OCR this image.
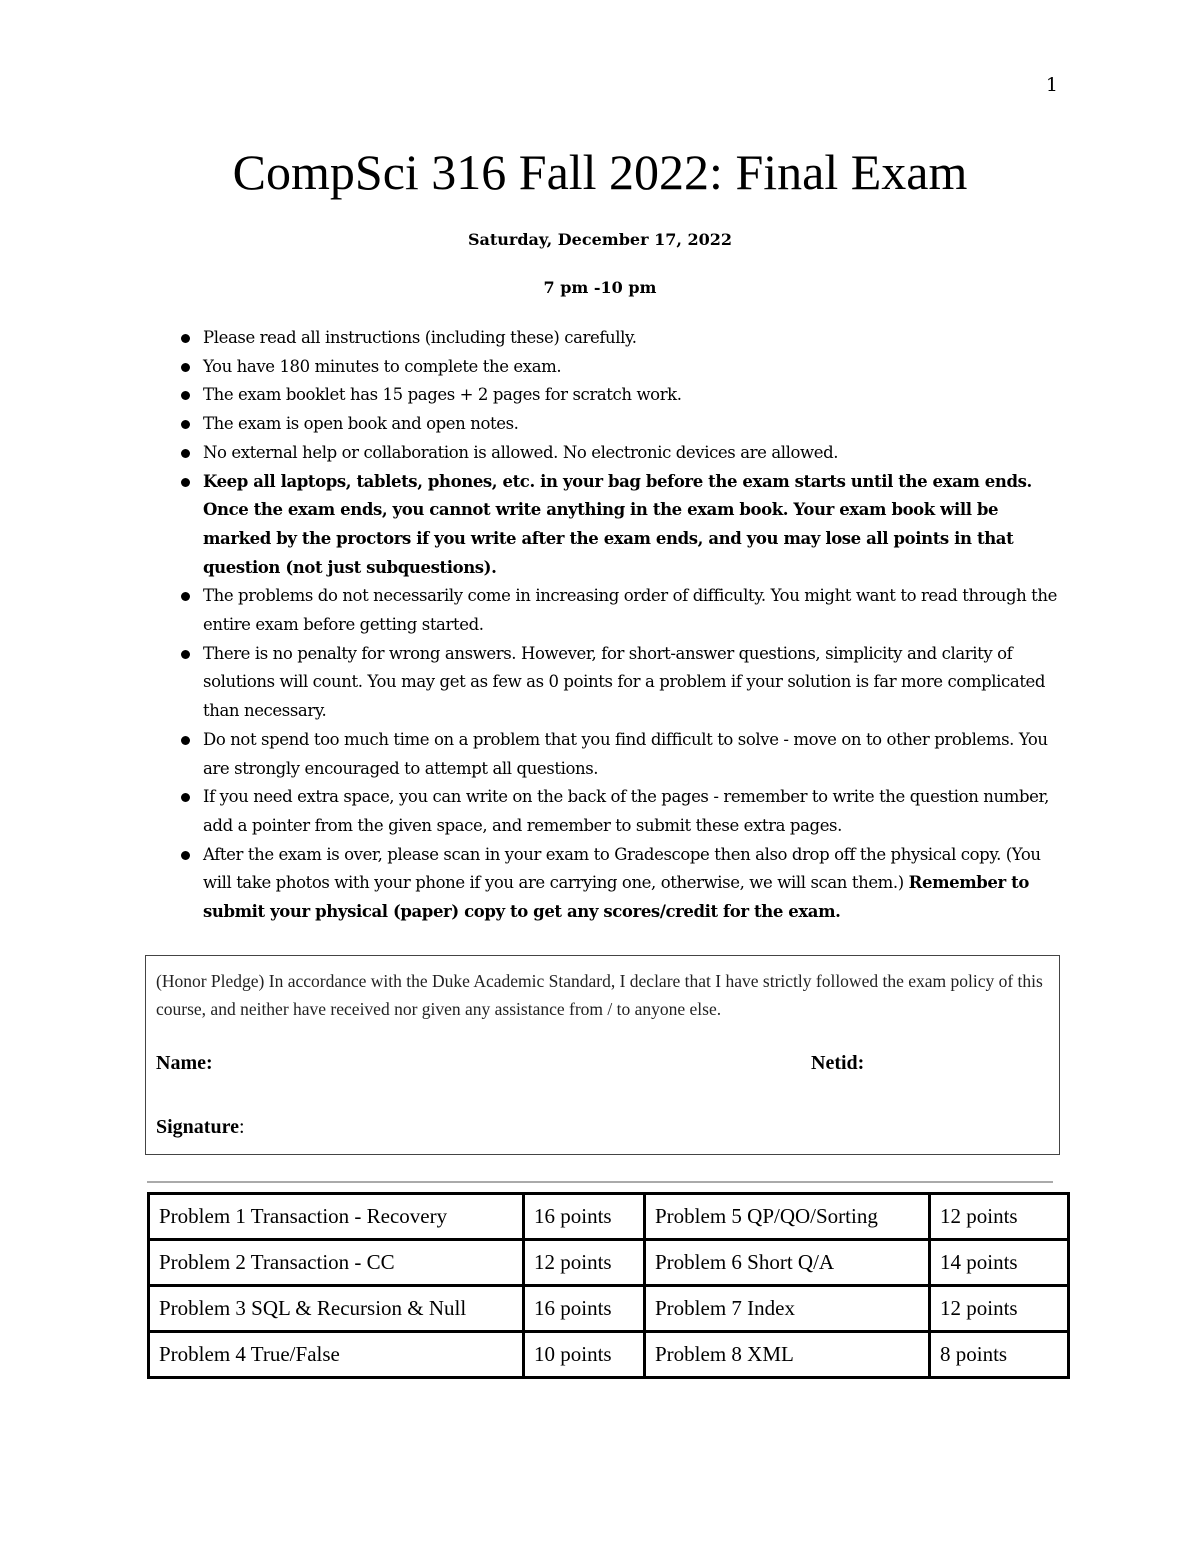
1
CompSci 316 Fall 2022: Final Exam
Saturday, December 17, 2022
7 pm -10 pm
Please read all instructions (including these) carefully.
You have 180 minutes to complete the exam.
The exam booklet has 15 pages + 2 pages for scratch work.
The exam is open book and open notes.
No external help or collaboration is allowed. No electronic devices are allowed.
Keep all laptops, tablets, phones, etc. in your bag before the exam starts until the exam ends. Once the exam ends, you cannot write anything in the exam book. Your exam book will be marked by the proctors if you write after the exam ends, and you may lose all points in that question (not just subquestions).
The problems do not necessarily come in increasing order of difficulty. You might want to read through the entire exam before getting started.
There is no penalty for wrong answers. However, for short-answer questions, simplicity and clarity of solutions will count. You may get as few as 0 points for a problem if your solution is far more complicated than necessary.
Do not spend too much time on a problem that you find difficult to solve - move on to other problems. You are strongly encouraged to attempt all questions.
If you need extra space, you can write on the back of the pages - remember to write the question number, add a pointer from the given space, and remember to submit these extra pages.
After the exam is over, please scan in your exam to Gradescope then also drop off the physical copy. (You will take photos with your phone if you are carrying one, otherwise, we will scan them.) Remember to submit your physical (paper) copy to get any scores/credit for the exam.
(Honor Pledge) In accordance with the Duke Academic Standard, I declare that I have strictly followed the exam policy of this course, and neither have received nor given any assistance from / to anyone else.
Name:	Netid:
Signature:
Problem 1 Transaction - Recovery	16 points	Problem 5 QP/QO/Sorting	12 points
Problem 2 Transaction - CC	12 points	Problem 6 Short Q/A	14 points
Problem 3 SQL & Recursion & Null	16 points	Problem 7 Index	12 points
Problem 4 True/False	10 points	Problem 8 XML	8 points
